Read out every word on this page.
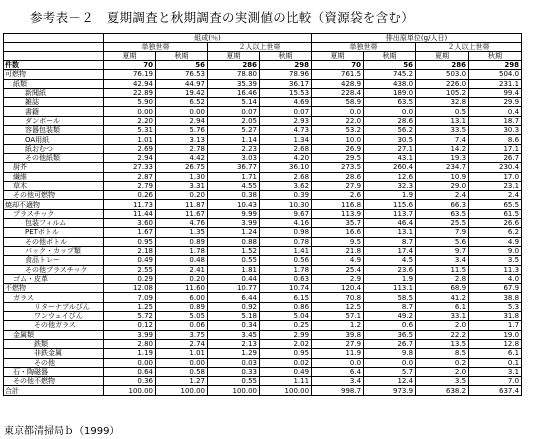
参考表－２　夏期調査と秋期調査の実測値の比較（資源袋を含む）
	組成(％)				排出原単位(g/人日)			
	単独世帯		２人以上世帯		単独世帯		２人以上世帯	
	夏期	秋期	夏期	秋期	夏期	秋期	夏期	秋期
件数	70	56	286	298	70	56	286	298
可燃物	76.19	76.53	78.80	78.96	761.5	745.2	503.0	504.0
紙類	42.94	44.97	35.39	36.17	428.9	438.0	226.0	231.1
新聞紙	22.89	19.42	16.46	15.53	228.4	189.0	105.2	99.4
雑誌	5.90	6.52	5.14	4.69	58.9	63.5	32.8	29.9
書籍	0.00	0.00	0.07	0.07	0.0	0.0	0.5	0.4
ダンボール	2.20	2.94	2.05	2.93	22.0	28.6	13.1	18.7
容器包装類	5.31	5.76	5.27	4.73	53.2	56.2	33.5	30.3
OA用紙	1.01	3.13	1.14	1.34	10.0	30.5	7.4	8.6
紙おむつ	2.69	2.78	2.23	2.68	26.9	27.1	14.2	17.1
その他紙類	2.94	4.42	3.03	4.20	29.5	43.1	19.3	26.7
厨芥	27.33	26.75	36.77	36.10	273.5	260.4	234.7	230.4
繊維	2.87	1.30	1.71	2.68	28.6	12.6	10.9	17.0
草木	2.79	3.31	4.55	3.62	27.9	32.3	29.0	23.1
その他可燃物	0.26	0.20	0.38	0.39	2.6	1.9	2.4	2.4
焼却不適物	11.73	11.87	10.43	10.30	116.8	115.6	66.3	65.5
プラスチック	11.44	11.67	9.99	9.67	113.9	113.7	63.5	61.5
包装フィルム	3.60	4.76	3.99	4.16	35.7	46.4	25.5	26.6
PETボトル	1.67	1.35	1.24	0.98	16.6	13.1	7.9	6.2
その他ボトル	0.95	0.89	0.88	0.78	9.5	8.7	5.6	4.9
パック・カップ類	2.18	1.78	1.52	1.41	21.8	17.4	9.7	9.0
食品トレー	0.49	0.48	0.55	0.56	4.9	4.5	3.4	3.5
その他プラスチック	2.55	2.41	1.81	1.78	25.4	23.6	11.5	11.3
ゴム・皮革	0.29	0.20	0.44	0.63	2.9	1.9	2.8	4.0
不燃物	12.08	11.60	10.77	10.74	120.4	113.1	68.9	67.9
ガラス	7.09	6.00	6.44	6.15	70.8	58.5	41.2	38.8
リターナブルびん	1.25	0.89	0.92	0.86	12.5	8.7	6.1	5.3
ワンウェイびん	5.72	5.05	5.18	5.04	57.1	49.2	33.1	31.8
その他ガラス	0.12	0.06	0.34	0.25	1.2	0.6	2.0	1.7
金属類	3.99	3.75	3.45	2.99	39.8	36.5	22.2	19.0
鉄類	2.80	2.74	2.13	2.02	27.9	26.7	13.5	12.8
非鉄金属	1.19	1.01	1.29	0.95	11.9	9.8	8.5	6.1
その他	0.00	0.00	0.03	0.02	0.0	0.0	0.2	0.1
石・陶磁器	0.64	0.58	0.33	0.49	6.4	5.7	2.0	3.1
その他不燃物	0.36	1.27	0.55	1.11	3.4	12.4	3.5	7.0
合計	100.00	100.00	100.00	100.00	998.7	973.9	638.2	637.4
東京都清掃局ｂ（1999）
